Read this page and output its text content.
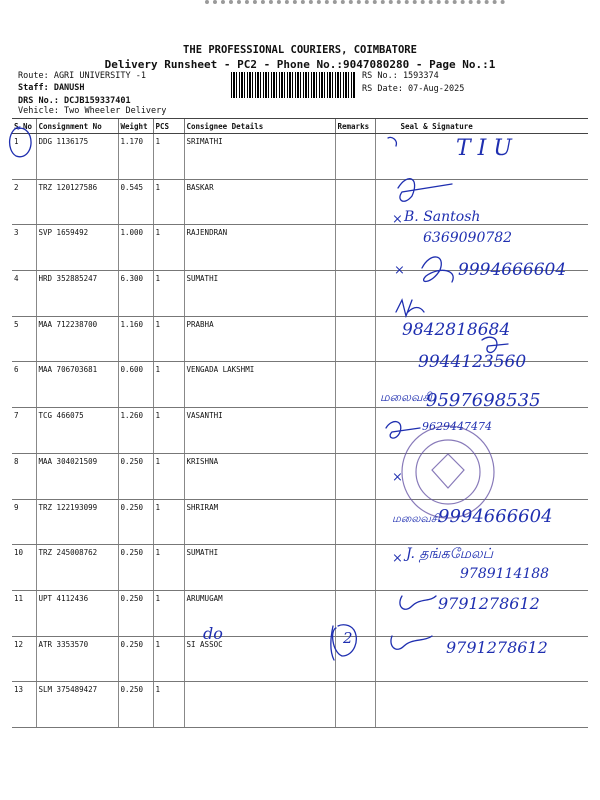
THE PROFESSIONAL COURIERS, COIMBATORE
Delivery Runsheet - PC2 - Phone No.:9047080280 - Page No.:1
Route: AGRI UNIVERSITY -1
Staff: DANUSH
DRS No.: DCJB159337401
Vehicle: Two Wheeler Delivery
RS No.: 1593374
RS Date: 07-Aug-2025
S No	Consignment No	Weight	PCS	Consignee Details	Remarks	Seal & Signature
1	DDG 1136175	1.170	1	SRIMATHI		
2	TRZ 120127586	0.545	1	BASKAR		
3	SVP 1659492	1.000	1	RAJENDRAN		
4	HRD 352885247	6.300	1	SUMATHI		
5	MAA 712238700	1.160	1	PRABHA		
6	MAA 706703681	0.600	1	VENGADA LAKSHMI		
7	TCG 466075	1.260	1	VASANTHI		
8	MAA 304021509	0.250	1	KRISHNA		
9	TRZ 122193099	0.250	1	SHRIRAM		
10	TRZ 245008762	0.250	1	SUMATHI		
11	UPT 4112436	0.250	1	ARUMUGAM		
12	ATR 3353570	0.250	1	SI ASSOC		
13	SLM 375489427	0.250	1			
T I U
× B. Santosh
6369090782
×	9994666604
9842818684
9944123560
மலைவசி
9597698535
9629447474
×
மலைவசி
9994666604
× J. தங்கமேலப்
9789114188
9791278612
9791278612
2
do
